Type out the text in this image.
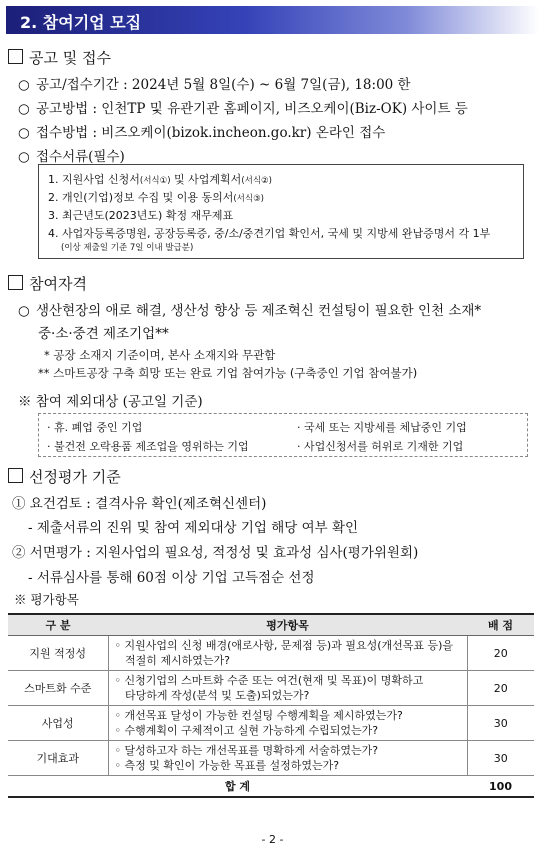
2. 참여기업 모집
공고 및 접수
○ 공고/접수기간 : 2024년 5월 8일(수) ~ 6월 7일(금), 18:00 한
○ 공고방법 : 인천TP 및 유관기관 홈페이지, 비즈오케이(Biz-OK) 사이트 등
○ 접수방법 : 비즈오케이(bizok.incheon.go.kr) 온라인 접수
○ 접수서류(필수)
1. 지원사업 신청서(서식①) 및 사업계획서(서식②)
2. 개인(기업)정보 수집 및 이용 동의서(서식③)
3. 최근년도(2023년도) 확정 재무제표
4. 사업자등록증명원, 공장등록증, 중/소/중견기업 확인서, 국세 및 지방세 완납증명서 각 1부
(이상 제출일 기준 7일 이내 발급분)
참여자격
○ 생산현장의 애로 해결, 생산성 향상 등 제조혁신 컨설팅이 필요한 인천 소재*
중·소·중견 제조기업**
* 공장 소재지 기준이며, 본사 소재지와 무관함
** 스마트공장 구축 희망 또는 완료 기업 참여가능 (구축중인 기업 참여불가)
※ 참여 제외대상 (공고일 기준)
· 휴. 폐업 중인 기업	· 국세 또는 지방세를 체납중인 기업
· 불건전 오락용품 제조업을 영위하는 기업	· 사업신청서를 허위로 기재한 기업
선정평가 기준
① 요건검토 : 결격사유 확인(제조혁신센터)
- 제출서류의 진위 및 참여 제외대상 기업 해당 여부 확인
② 서면평가 : 지원사업의 필요성, 적정성 및 효과성 심사(평가위원회)
- 서류심사를 통해 60점 이상 기업 고득점순 선정
※ 평가항목
구 분	평가항목	배 점
지원 적정성	◦ 지원사업의 신청 배경(애로사항, 문제점 등)과 필요성(개선목표 등)을
적절히 제시하였는가?	20
스마트화 수준	◦ 신청기업의 스마트화 수준 또는 여건(현재 및 목표)이 명확하고
타당하게 작성(분석 및 도출)되었는가?	20
사업성	◦ 개선목표 달성이 가능한 컨설팅 수행계획을 제시하였는가?
◦ 수행계획이 구체적이고 실현 가능하게 수립되었는가?	30
기대효과	◦ 달성하고자 하는 개선목표를 명확하게 서술하였는가?
◦ 측정 및 확인이 가능한 목표를 설정하였는가?	30
합 계		100
- 2 -
